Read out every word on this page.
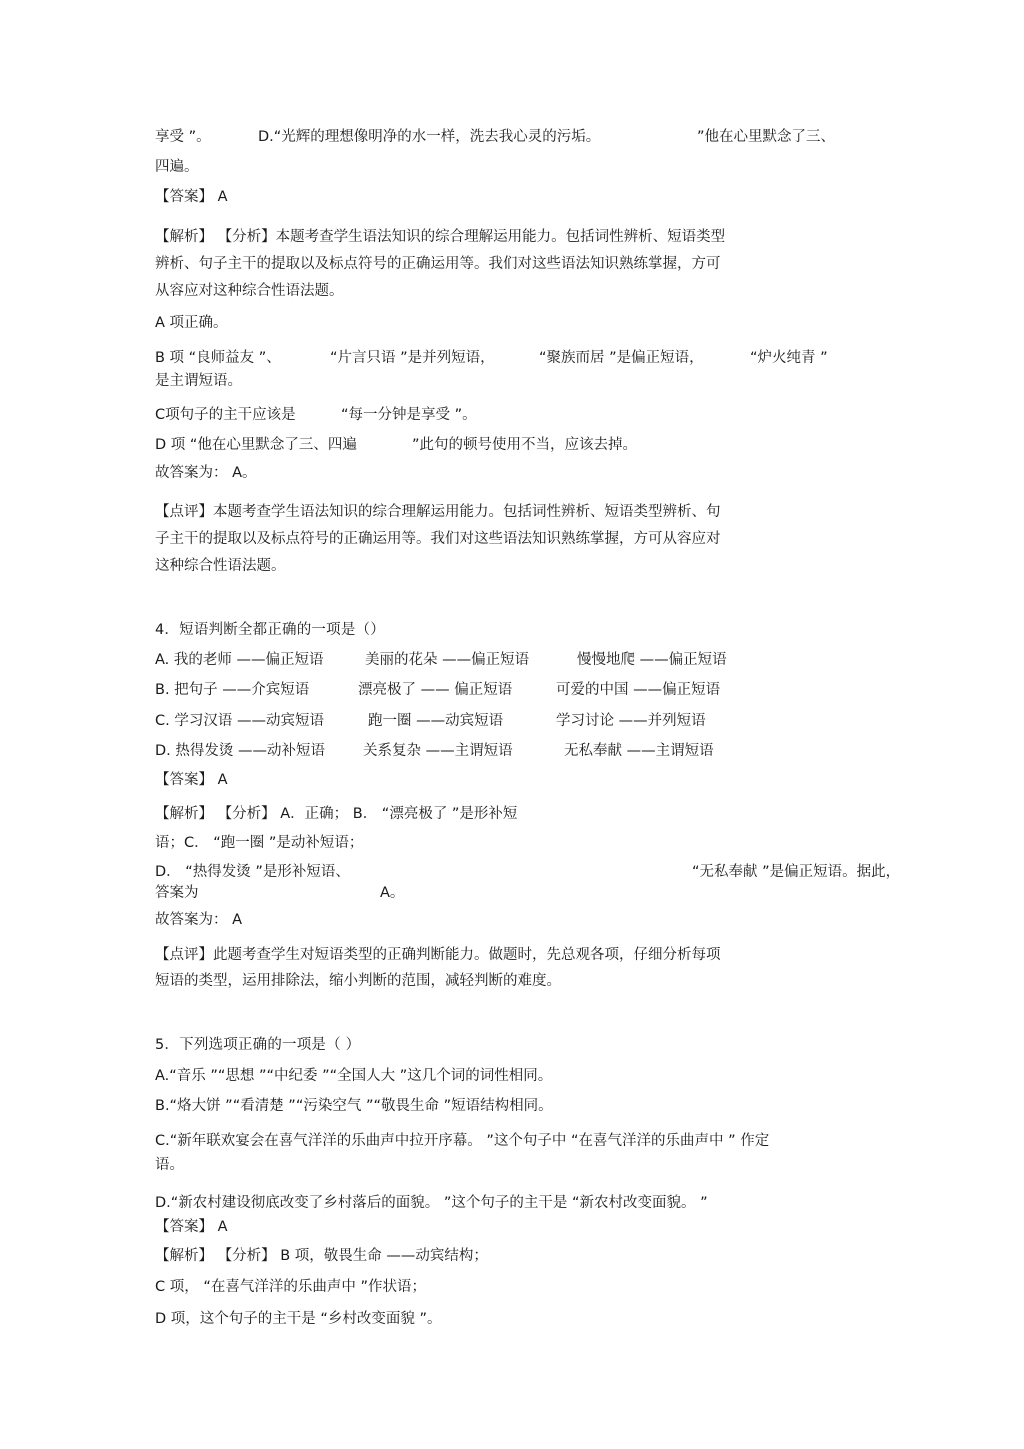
享受 ”。	D.“光辉的理想像明净的水一样，洗去我心灵的污垢。	”他在心里默念了三、
四遍。
【答案】 A
【解析】 【分析】本题考查学生语法知识的综合理解运用能力。包括词性辨析、短语类型
辨析、句子主干的提取以及标点符号的正确运用等。我们对这些语法知识熟练掌握，方可
从容应对这种综合性语法题。
A 项正确。
B 项 “良师益友 ”、	“片言只语 ”是并列短语，	“聚族而居 ”是偏正短语，	“炉火纯青 ”
是主谓短语。
C项句子的主干应该是	“每一分钟是享受 ”。
D 项 “他在心里默念了三、四遍	”此句的顿号使用不当，应该去掉。
故答案为： A。
【点评】本题考查学生语法知识的综合理解运用能力。包括词性辨析、短语类型辨析、句
子主干的提取以及标点符号的正确运用等。我们对这些语法知识熟练掌握，方可从容应对
这种综合性语法题。
4．短语判断全都正确的一项是（）
A. 我的老师 ——偏正短语	美丽的花朵 ——偏正短语	慢慢地爬 ——偏正短语
B. 把句子 ——介宾短语	漂亮极了 —— 偏正短语	可爱的中国 ——偏正短语
C. 学习汉语 ——动宾短语	跑一圈 ——动宾短语	学习讨论 ——并列短语
D. 热得发烫 ——动补短语	关系复杂 ——主谓短语	无私奉献 ——主谓短语
【答案】 A
【解析】 【分析】 A．正确； B． “漂亮极了 ”是形补短
语；C． “跑一圈 ”是动补短语；
D． “热得发烫 ”是形补短语、	“无私奉献 ”是偏正短语。据此，
答案为	A。
故答案为： A
【点评】此题考查学生对短语类型的正确判断能力。做题时，先总观各项，仔细分析每项
短语的类型，运用排除法，缩小判断的范围，减轻判断的难度。
5．下列选项正确的一项是（ ）
A.“音乐 ”“思想 ”“中纪委 ”“全国人大 ”这几个词的词性相同。
B.“烙大饼 ”“看清楚 ”“污染空气 ”“敬畏生命 ”短语结构相同。
C.“新年联欢宴会在喜气洋洋的乐曲声中拉开序幕。 ”这个句子中 “在喜气洋洋的乐曲声中 ” 作定
语。
D.“新农村建设彻底改变了乡村落后的面貌。 ”这个句子的主干是 “新农村改变面貌。 ”
【答案】 A
【解析】 【分析】 B 项，敬畏生命 ——动宾结构；
C 项， “在喜气洋洋的乐曲声中 ”作状语；
D 项，这个句子的主干是 “乡村改变面貌 ”。
